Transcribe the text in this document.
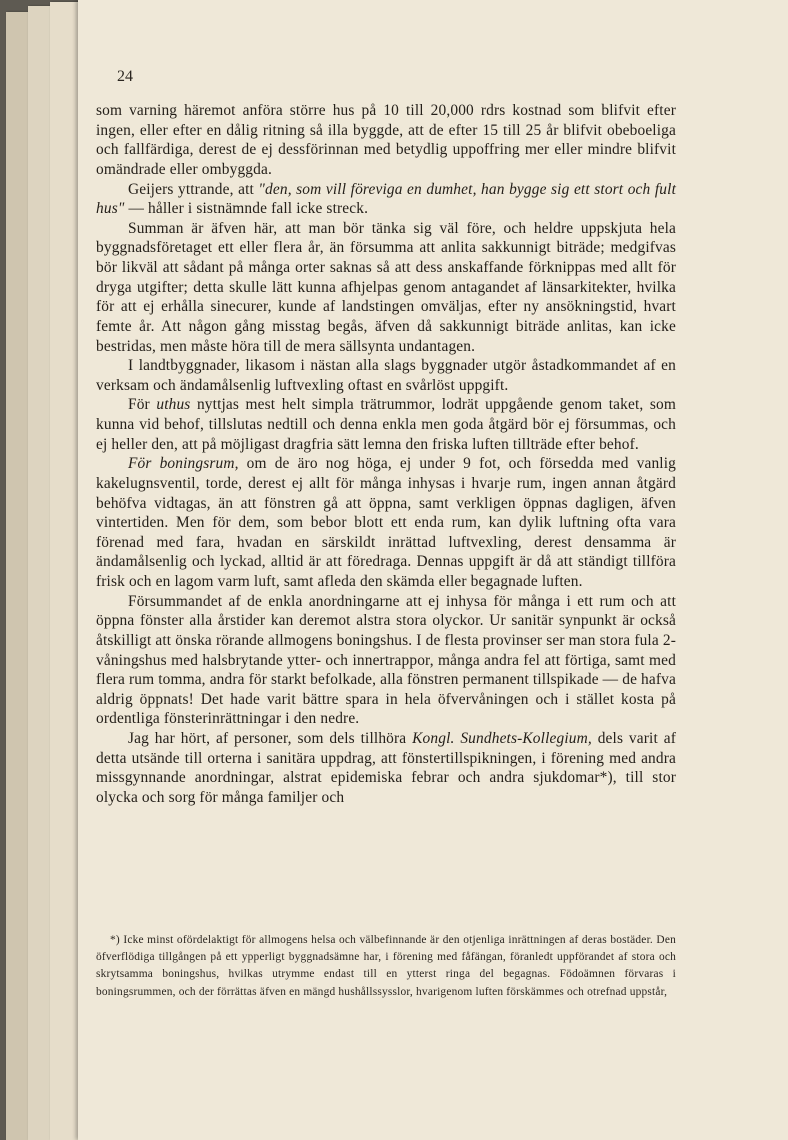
24

som varning häremot anföra större hus på 10 till 20,000 rdrs kostnad som blifvit efter ingen, eller efter en dålig ritning så illa byggde, att de efter 15 till 25 år blifvit obeboeliga och fallfärdiga, derest de ej dessförinnan med betydlig uppoffring mer eller mindre blifvit omändrade eller ombyggda.

Geijers yttrande, att "den, som vill föreviga en dumhet, han bygge sig ett stort och fult hus" — håller i sistnämnde fall icke streck.

Summan är äfven här, att man bör tänka sig väl före, och heldre uppskjuta hela byggnadsföretaget ett eller flera år, än försumma att anlita sakkunnigt biträde; medgifvas bör likväl att sådant på många orter saknas så att dess anskaffande förknippas med allt för dryga utgifter; detta skulle lätt kunna afhjelpas genom antagandet af länsarkitekter, hvilka för att ej erhålla sinecurer, kunde af landstingen omväljas, efter ny ansökningstid, hvart femte år. Att någon gång misstag begås, äfven då sakkunnigt biträde anlitas, kan icke bestridas, men måste höra till de mera sällsynta undantagen.

I landtbyggnader, likasom i nästan alla slags byggnader utgör åstadkommandet af en verksam och ändamålsenlig luftvexling oftast en svårlöst uppgift.

För uthus nyttjas mest helt simpla trätrummor, lodrät uppgående genom taket, som kunna vid behof, tillslutas nedtill och denna enkla men goda åtgärd bör ej försummas, och ej heller den, att på möjligast dragfria sätt lemna den friska luften tillträde efter behof.

För boningsrum, om de äro nog höga, ej under 9 fot, och försedda med vanlig kakelugnsventil, torde, derest ej allt för många inhysas i hvarje rum, ingen annan åtgärd behöfva vidtagas, än att fönstren gå att öppna, samt verkligen öppnas dagligen, äfven vintertiden. Men för dem, som bebor blott ett enda rum, kan dylik luftning ofta vara förenad med fara, hvadan en särskildt inrättad luftvexling, derest densamma är ändamålsenlig och lyckad, alltid är att föredraga. Dennas uppgift är då att ständigt tillföra frisk och en lagom varm luft, samt afleda den skämda eller begagnade luften.

Försummandet af de enkla anordningarne att ej inhysa för många i ett rum och att öppna fönster alla årstider kan deremot alstra stora olyckor. Ur sanitär synpunkt är också åtskilligt att önska rörande allmogens boningshus. I de flesta provinser ser man stora fula 2-våningshus med halsbrytande ytter- och innertrappor, många andra fel att förtiga, samt med flera rum tomma, andra för starkt befolkade, alla fönstren permanent tillspikade — de hafva aldrig öppnats! Det hade varit bättre spara in hela öfvervåningen och i stället kosta på ordentliga fönsterinrättningar i den nedre.

Jag har hört, af personer, som dels tillhöra Kongl. Sundhets-Kollegium, dels varit af detta utsände till orterna i sanitära uppdrag, att fönstertillspikningen, i förening med andra missgynnande anordningar, alstrat epidemiska febrar och andra sjukdomar*), till stor olycka och sorg för många familjer och

*) Icke minst ofördelaktigt för allmogens helsa och välbefinnande är den otjenliga inrättningen af deras bostäder. Den öfverflödiga tillgången på ett ypperligt byggnadsämne har, i förening med fåfängan, föranledt uppförandet af stora och skrytsamma boningshus, hvilkas utrymme endast till en ytterst ringa del begagnas. Födoämnen förvaras i boningsrummen, och der förrättas äfven en mängd hushållssysslor, hvarigenom luften förskämmes och otrefnad uppstår,
